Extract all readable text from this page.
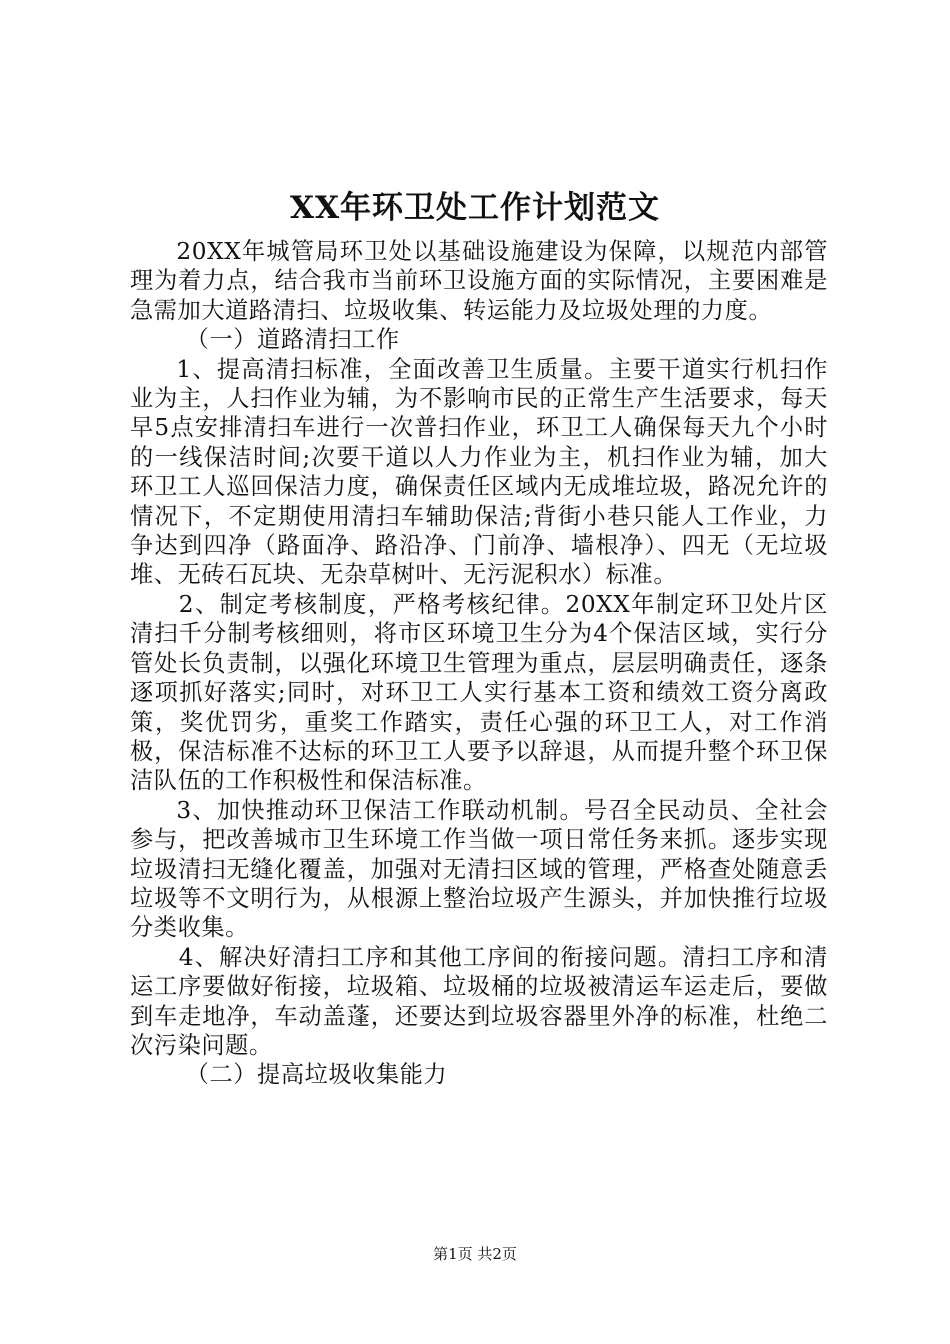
XX年环卫处工作计划范文

20XX年城管局环卫处以基础设施建设为保障，以规范内部管理为着力点，结合我市当前环卫设施方面的实际情况，主要困难是急需加大道路清扫、垃圾收集、转运能力及垃圾处理的力度。

（一）道路清扫工作

1、提高清扫标准，全面改善卫生质量。主要干道实行机扫作业为主，人扫作业为辅，为不影响市民的正常生产生活要求，每天早5点安排清扫车进行一次普扫作业，环卫工人确保每天九个小时的一线保洁时间;次要干道以人力作业为主，机扫作业为辅，加大环卫工人巡回保洁力度，确保责任区域内无成堆垃圾，路况允许的情况下，不定期使用清扫车辅助保洁;背街小巷只能人工作业，力争达到四净（路面净、路沿净、门前净、墙根净）、四无（无垃圾堆、无砖石瓦块、无杂草树叶、无污泥积水）标准。

2、制定考核制度，严格考核纪律。20XX年制定环卫处片区清扫千分制考核细则，将市区环境卫生分为4个保洁区域，实行分管处长负责制，以强化环境卫生管理为重点，层层明确责任，逐条逐项抓好落实;同时，对环卫工人实行基本工资和绩效工资分离政策，奖优罚劣，重奖工作踏实，责任心强的环卫工人，对工作消极，保洁标准不达标的环卫工人要予以辞退，从而提升整个环卫保洁队伍的工作积极性和保洁标准。

3、加快推动环卫保洁工作联动机制。号召全民动员、全社会参与，把改善城市卫生环境工作当做一项日常任务来抓。逐步实现垃圾清扫无缝化覆盖，加强对无清扫区域的管理，严格查处随意丢垃圾等不文明行为，从根源上整治垃圾产生源头，并加快推行垃圾分类收集。

4、解决好清扫工序和其他工序间的衔接问题。清扫工序和清运工序要做好衔接，垃圾箱、垃圾桶的垃圾被清运车运走后，要做到车走地净，车动盖蓬，还要达到垃圾容器里外净的标准，杜绝二次污染问题。

（二）提高垃圾收集能力

第1页 共2页
